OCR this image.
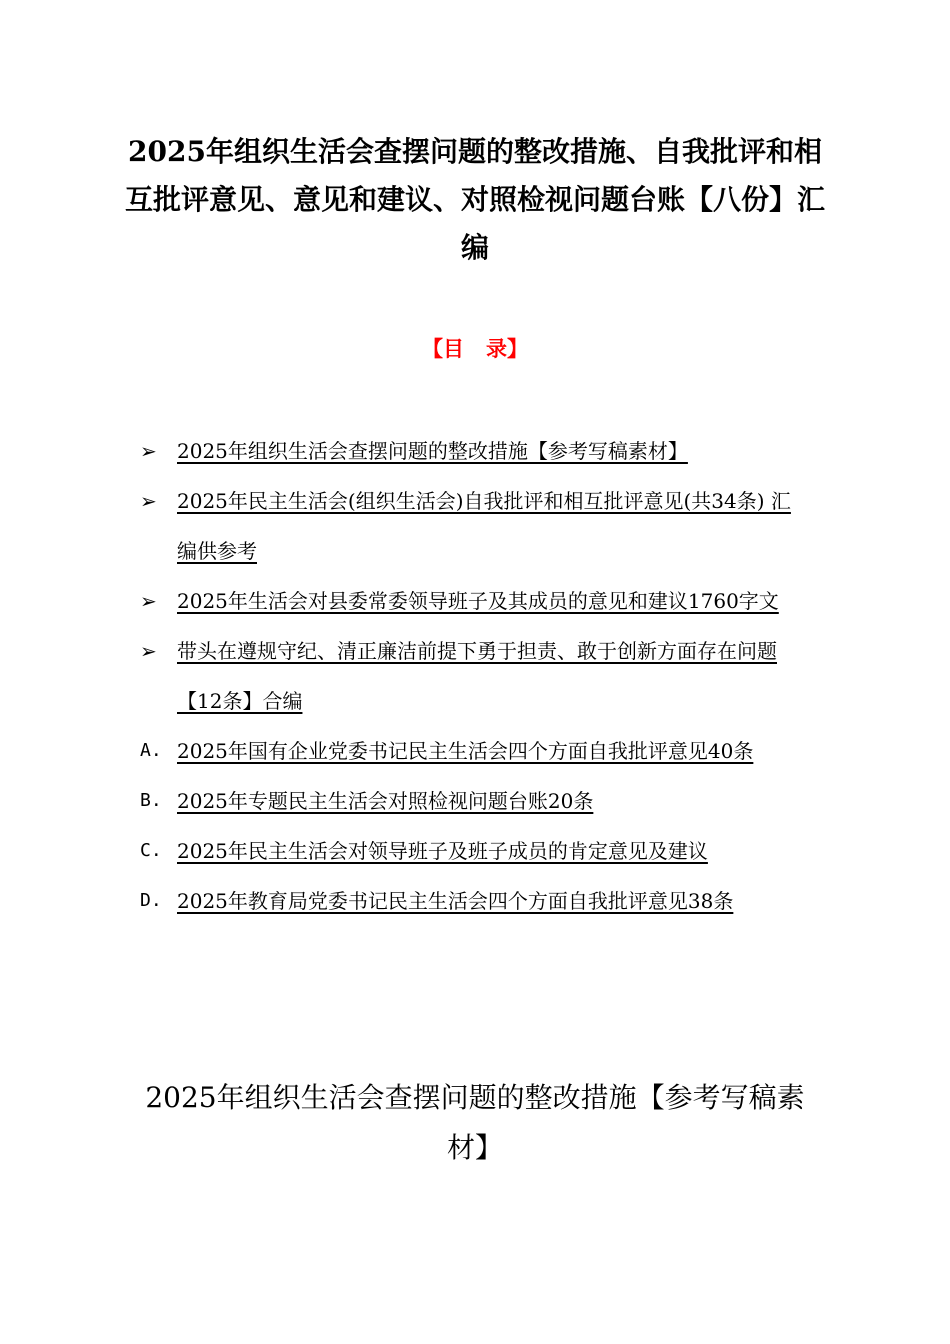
2025年组织生活会查摆问题的整改措施、自我批评和相互批评意见、意见和建议、对照检视问题台账【八份】汇编
【目 录】
➢	2025年组织生活会查摆问题的整改措施【参考写稿素材】
➢	2025年民主生活会(组织生活会)自我批评和相互批评意见(共34条) 汇编供参考
➢	2025年生活会对县委常委领导班子及其成员的意见和建议1760字文
➢	带头在遵规守纪、清正廉洁前提下勇于担责、敢于创新方面存在问题【12条】合编
A. 2025年国有企业党委书记民主生活会四个方面自我批评意见40条
B. 2025年专题民主生活会对照检视问题台账20条
C. 2025年民主生活会对领导班子及班子成员的肯定意见及建议
D. 2025年教育局党委书记民主生活会四个方面自我批评意见38条
2025年组织生活会查摆问题的整改措施【参考写稿素材】
